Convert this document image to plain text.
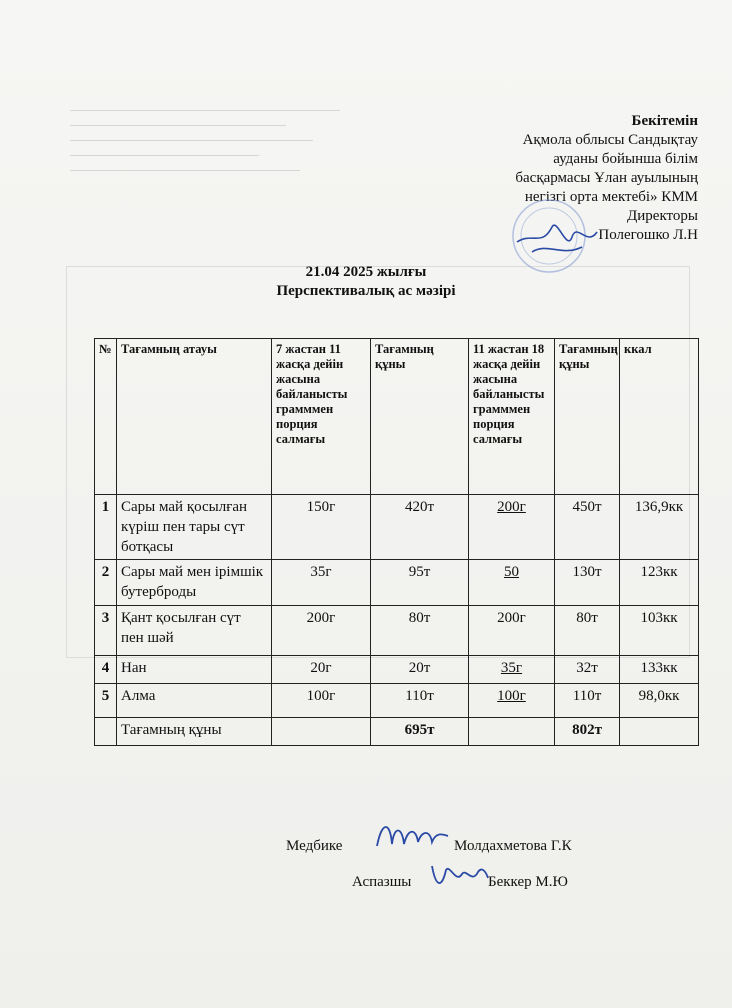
Бекітемін
Ақмола облысы Сандықтау
ауданы бойынша білім
басқармасы Ұлан ауылының
негізгі орта мектебі» КММ
Директоры
Полегошко Л.Н
21.04 2025 жылғы
Перспективалық ас мәзірі
№	Тағамның атауы	7 жастан 11 жасқа дейін жасына байланысты грамммен порция салмағы	Тағамның құны	11 жастан 18 жасқа дейін жасына байланысты грамммен порция салмағы	Тағамның құны	ккал
1	Сары май қосылған күріш пен тары сүт ботқасы	150г	420т	200г	450т	136,9кк
2	Сары май мен ірімшік бутерброды	35г	95т	50	130т	123кк
3	Қант қосылған сүт пен шәй	200г	80т	200г	80т	103кк
4	Нан	20г	20т	35г	32т	133кк
5	Алма	100г	110т	100г	110т	98,0кк
	Тағамның құны		695т		802т	
Медбике	Молдахметова Г.К
Аспазшы	Беккер М.Ю
